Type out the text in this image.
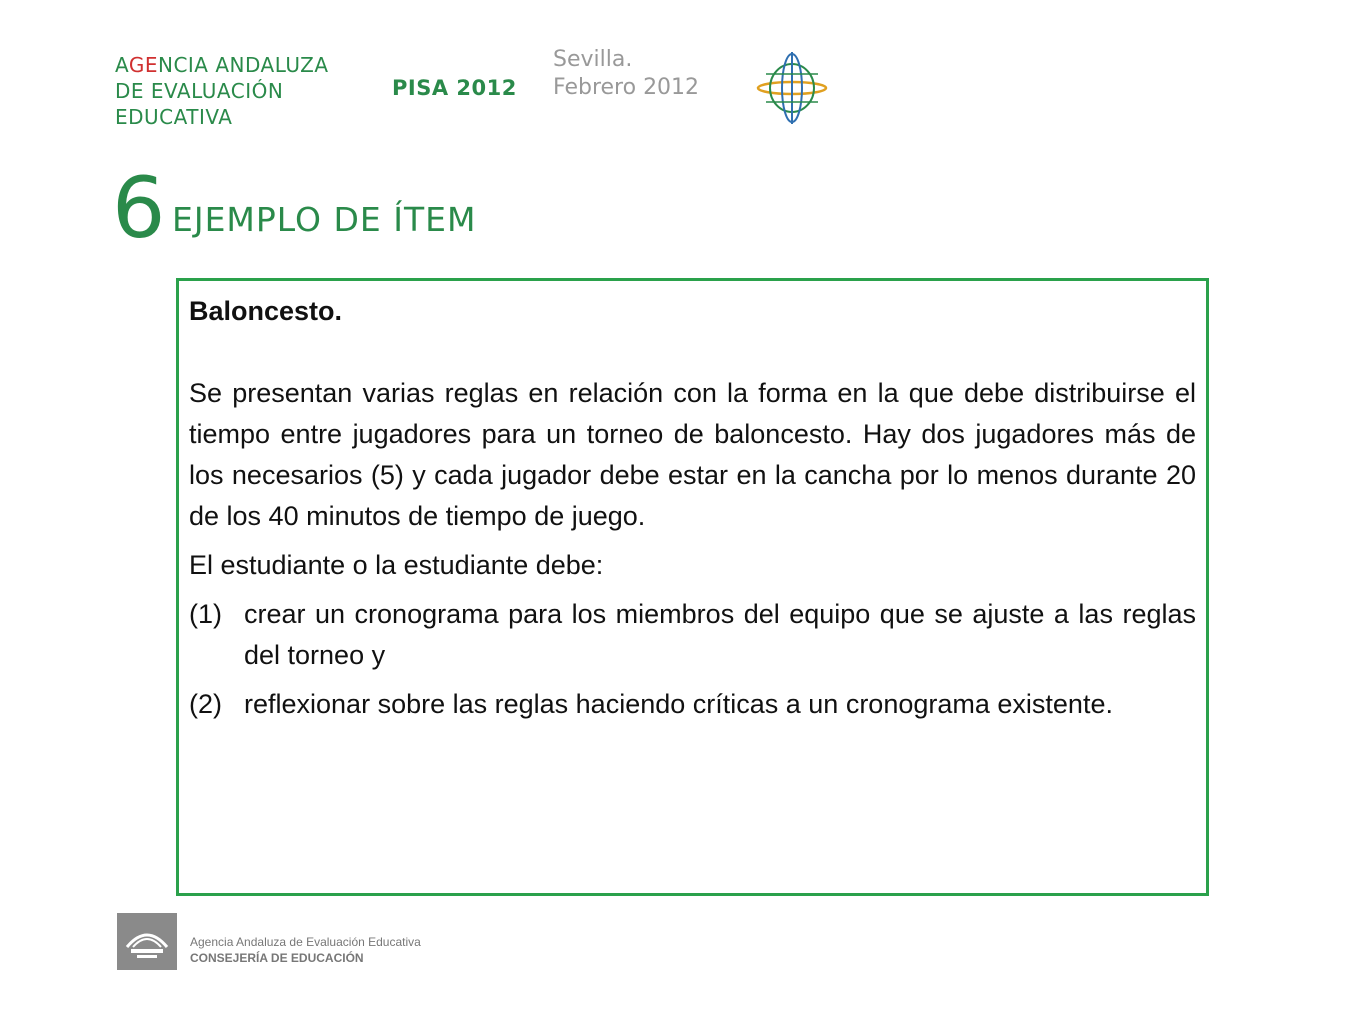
AGENCIA ANDALUZA
DE EVALUACIÓN
EDUCATIVA
PISA 2012
Sevilla.
Febrero 2012
6 EJEMPLO DE ÍTEM

Baloncesto.

Se presentan varias reglas en relación con la forma en la que debe distribuirse el tiempo entre jugadores para un torneo de baloncesto. Hay dos jugadores más de los necesarios (5) y cada jugador debe estar en la cancha por lo menos durante 20 de los 40 minutos de tiempo de juego.

El estudiante o la estudiante debe:

(1) crear un cronograma para los miembros del equipo que se ajuste a las reglas del torneo y
(2) reflexionar sobre las reglas haciendo críticas a un cronograma existente.
Agencia Andaluza de Evaluación Educativa
CONSEJERÍA DE EDUCACIÓN
